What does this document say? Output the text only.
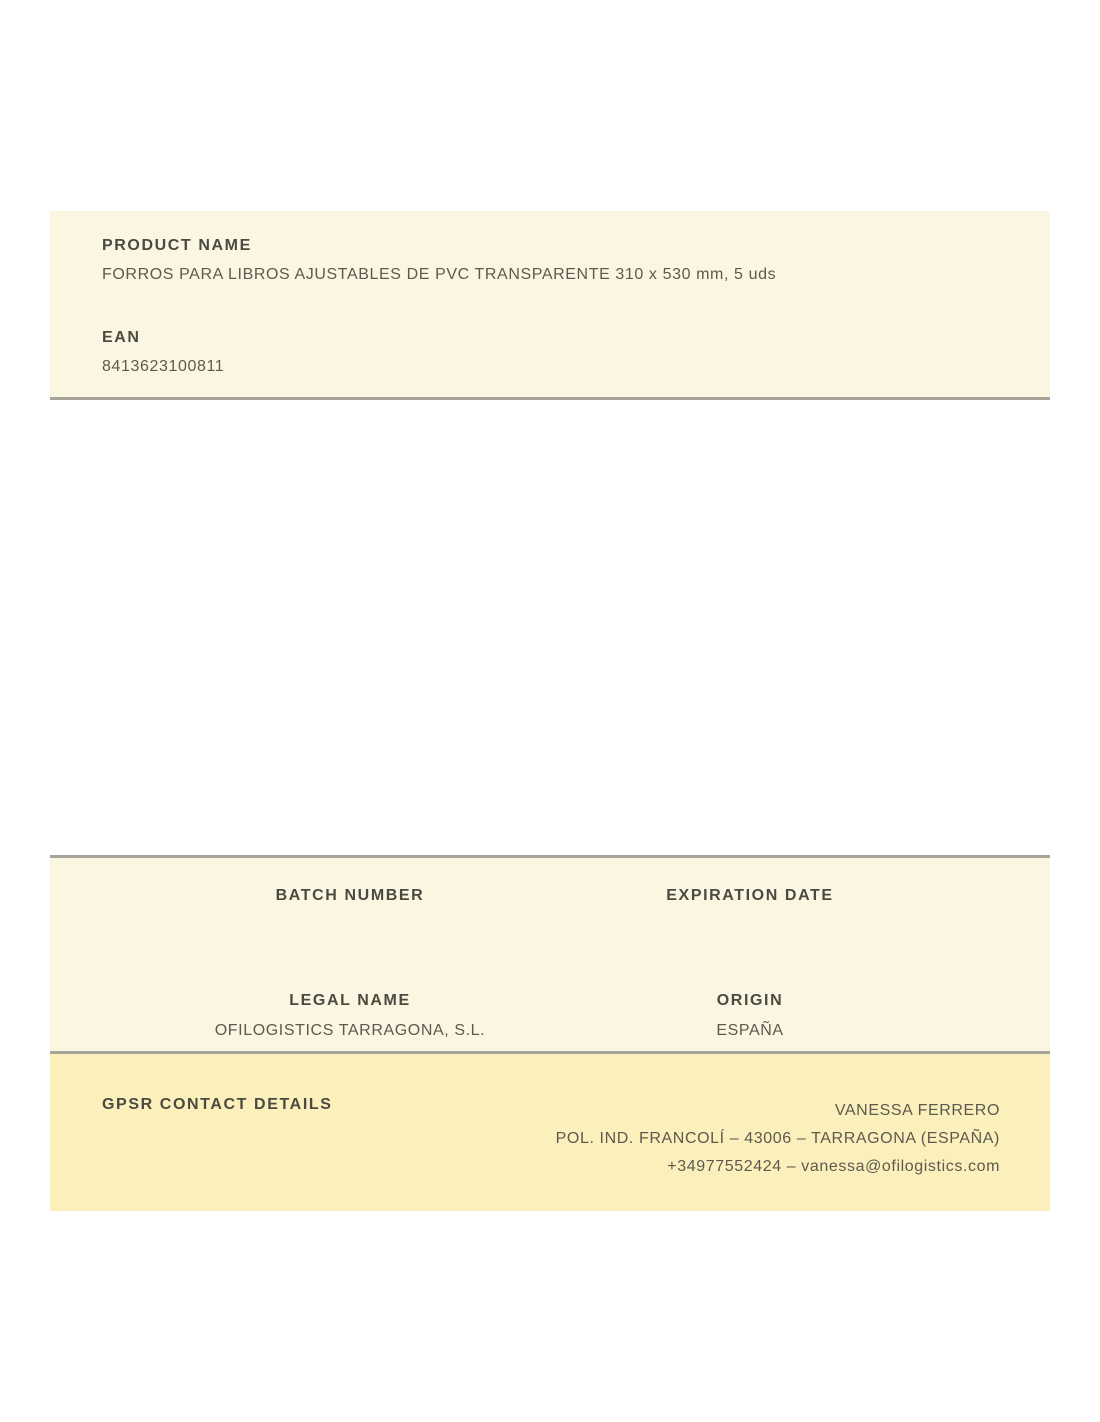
PRODUCT NAME
FORROS PARA LIBROS AJUSTABLES DE PVC TRANSPARENTE 310 x 530 mm, 5 uds
EAN
8413623100811
BATCH NUMBER	EXPIRATION DATE
LEGAL NAME
OFILOGISTICS TARRAGONA, S.L.
ORIGIN
ESPAÑA
GPSR CONTACT DETAILS	VANESSA FERRERO
POL. IND. FRANCOLÍ – 43006 – TARRAGONA (ESPAÑA)
+34977552424 – vanessa@ofilogistics.com
